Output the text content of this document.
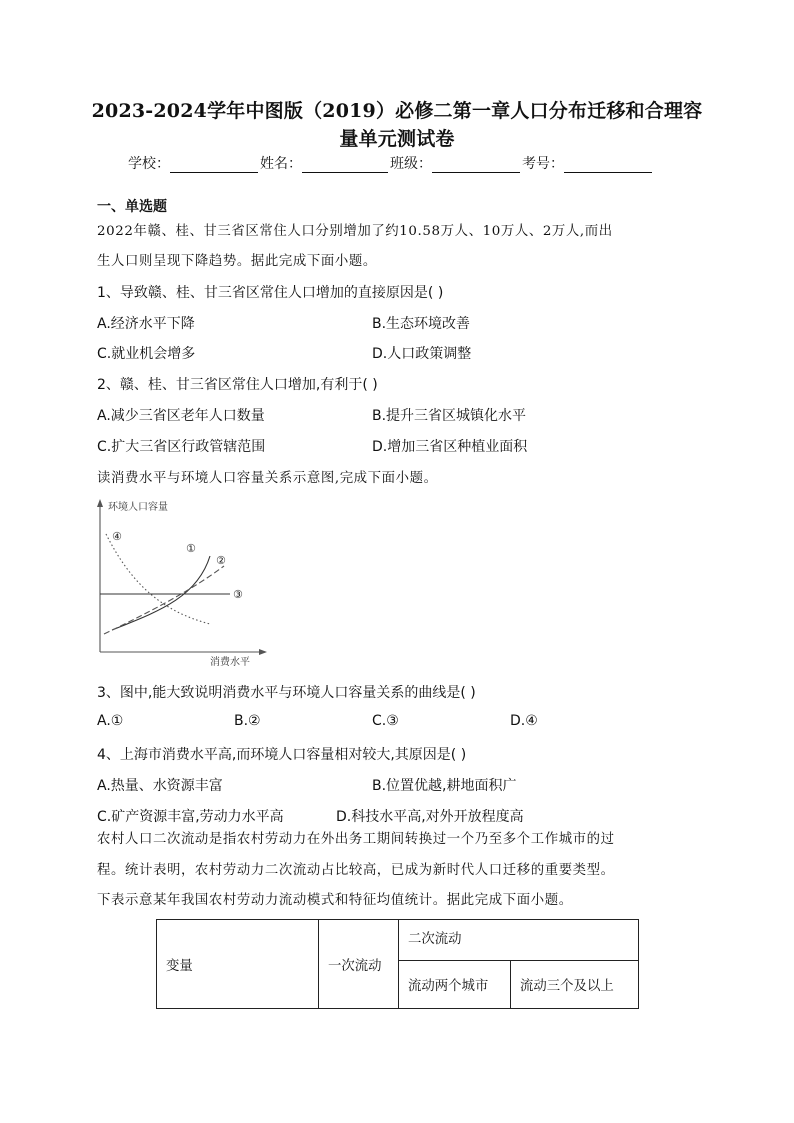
2023-2024学年中图版（2019）必修二第一章人口分布迁移和合理容
量单元测试卷
学校：	姓名：	班级：	考号：
一、单选题
2022年赣、桂、甘三省区常住人口分别增加了约10.58万人、10万人、2万人,而出
生人口则呈现下降趋势。据此完成下面小题。
1、导致赣、桂、甘三省区常住人口增加的直接原因是( )
A.经济水平下降	B.生态环境改善
C.就业机会增多	D.人口政策调整
2、赣、桂、甘三省区常住人口增加,有利于( )
A.减少三省区老年人口数量	B.提升三省区城镇化水平
C.扩大三省区行政管辖范围	D.增加三省区种植业面积
读消费水平与环境人口容量关系示意图,完成下面小题。
环境人口容量
消费水平
①
②
③
④
3、图中,能大致说明消费水平与环境人口容量关系的曲线是( )
A.①	B.②	C.③	D.④
4、上海市消费水平高,而环境人口容量相对较大,其原因是( )
A.热量、水资源丰富	B.位置优越,耕地面积广
C.矿产资源丰富,劳动力水平高	D.科技水平高,对外开放程度高
农村人口二次流动是指农村劳动力在外出务工期间转换过一个乃至多个工作城市的过
程。统计表明，农村劳动力二次流动占比较高，已成为新时代人口迁移的重要类型。
下表示意某年我国农村劳动力流动模式和特征均值统计。据此完成下面小题。
变量	一次流动	二次流动	
		流动两个城市	流动三个及以上
